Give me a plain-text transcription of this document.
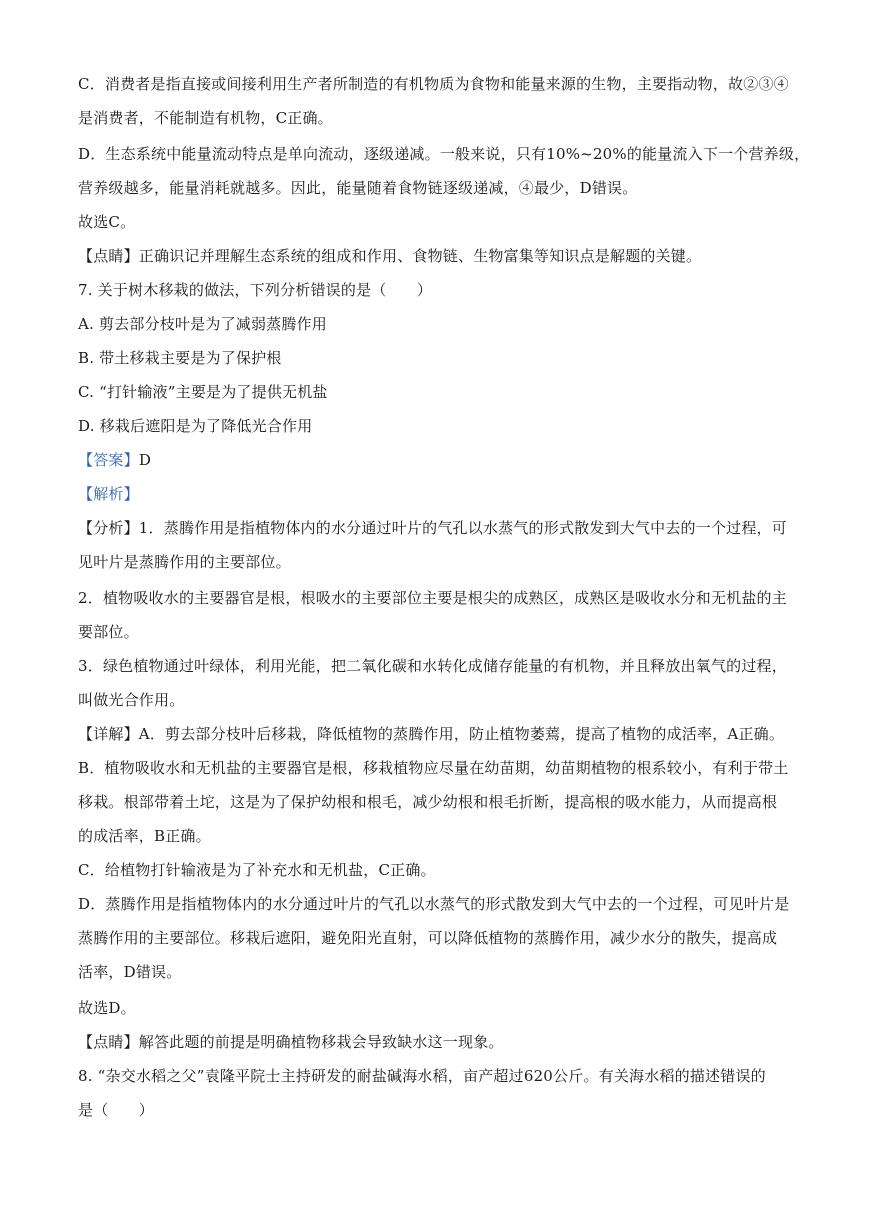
C．消费者是指直接或间接利用生产者所制造的有机物质为食物和能量来源的生物，主要指动物，故②③④
是消费者，不能制造有机物，C正确。
D．生态系统中能量流动特点是单向流动，逐级递减。一般来说，只有10%~20%的能量流入下一个营养级，
营养级越多，能量消耗就越多。因此，能量随着食物链逐级递减，④最少，D错误。
故选C。
【点睛】正确识记并理解生态系统的组成和作用、食物链、生物富集等知识点是解题的关键。
7. 关于树木移栽的做法，下列分析错误的是（　　）
A. 剪去部分枝叶是为了减弱蒸腾作用
B. 带土移栽主要是为了保护根
C. “打针输液”主要是为了提供无机盐
D. 移栽后遮阳是为了降低光合作用
【答案】D
【解析】
【分析】1．蒸腾作用是指植物体内的水分通过叶片的气孔以水蒸气的形式散发到大气中去的一个过程，可
见叶片是蒸腾作用的主要部位。
2．植物吸收水的主要器官是根，根吸水的主要部位主要是根尖的成熟区，成熟区是吸收水分和无机盐的主
要部位。
3．绿色植物通过叶绿体，利用光能，把二氧化碳和水转化成储存能量的有机物，并且释放出氧气的过程，
叫做光合作用。
【详解】A．剪去部分枝叶后移栽，降低植物的蒸腾作用，防止植物萎蔫，提高了植物的成活率，A正确。
B．植物吸收水和无机盐的主要器官是根，移栽植物应尽量在幼苗期，幼苗期植物的根系较小，有利于带土
移栽。根部带着土坨，这是为了保护幼根和根毛，减少幼根和根毛折断，提高根的吸水能力，从而提高根
的成活率，B正确。
C．给植物打针输液是为了补充水和无机盐，C正确。
D．蒸腾作用是指植物体内的水分通过叶片的气孔以水蒸气的形式散发到大气中去的一个过程，可见叶片是
蒸腾作用的主要部位。移栽后遮阳，避免阳光直射，可以降低植物的蒸腾作用，减少水分的散失，提高成
活率，D错误。
故选D。
【点睛】解答此题的前提是明确植物移栽会导致缺水这一现象。
8. “杂交水稻之父”袁隆平院士主持研发的耐盐碱海水稻，亩产超过620公斤。有关海水稻的描述错误的
是（　　）
